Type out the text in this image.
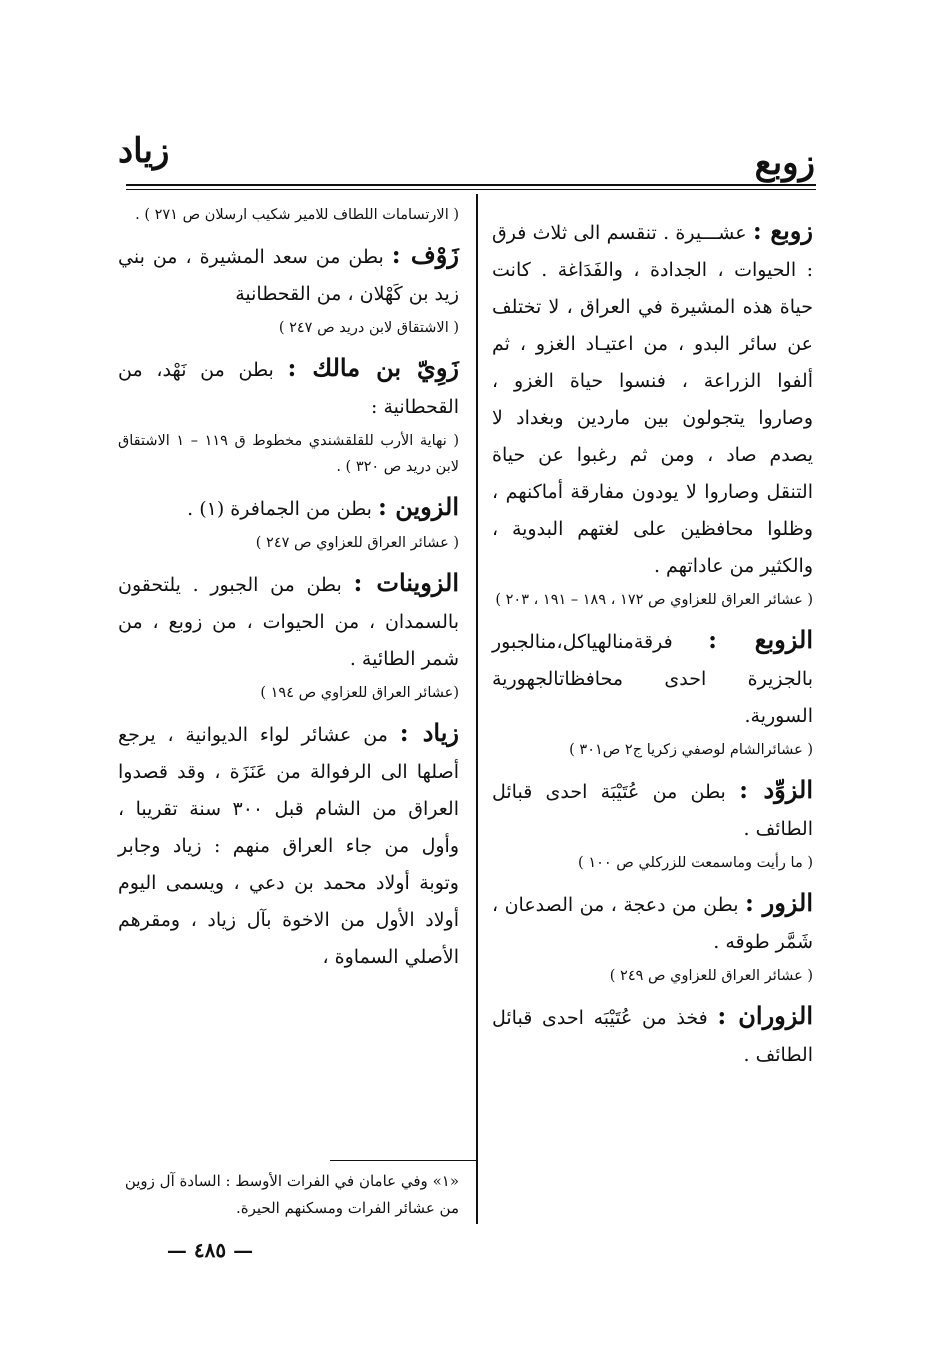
زوبع
زياد

زوبع : عشـــيرة . تنقسم الى ثلاث فرق : الحيوات ، الجدادة ، والفَدَاغة . كانت حياة هذه المشيرة في العراق ، لا تختلف عن سائر البدو ، من اعتيـاد الغزو ، ثم ألفوا الزراعة ، فنسوا حياة الغزو ، وصاروا يتجولون بين ماردين وبغداد لا يصدم صاد ، ومن ثم رغبوا عن حياة التنقل وصاروا لا يودون مفارقة أماكنهم ، وظلوا محافظين على لغتهم البدوية ، والكثير من عاداتهم .

( عشائر العراق للعزاوي ص ١٧٢ ، ١٨٩ – ١٩١ ، ٢٠٣ )

الزوبع : فرقةمنالهياكل،منالجبور بالجزيرة احدى محافظاتالجهورية السورية.

( عشائرالشام لوصفي زكريا ج٢ ص٣٠١ )

الزوِّد : بطن من عُتَيْبَة احدى قبائل الطائف .

( ما رأيت وماسمعت للزركلي ص ١٠٠ )

الزور : بطن من دعجة ، من الصدعان ، شَمَّر طوقه .

( عشائر العراق للعزاوي ص ٢٤٩ )

الزوران : فخذ من عُتَيْبَه احدى قبائل الطائف .

( الارتسامات اللطاف للامير شكيب ارسلان ص ٢٧١ ) .

زَوْف : بطن من سعد المشيرة ، من بني زيد بن كَهْلان ، من القحطانية

( الاشتقاق لابن دريد ص ٢٤٧ )

زَوِيّ بن مالك : بطن من نَهْد، من القحطانية :

( نهاية الأرب للقلقشندي مخطوط ق ١١٩ – ١ الاشتقاق لابن دريد ص ٣٢٠ ) .

الزوين : بطن من الجمافرة (١) .

( عشائر العراق للعزاوي ص ٢٤٧ )

الزوينات : بطن من الجبور . يلتحقون بالسمدان ، من الحيوات ، من زوبع ، من شمر الطائية .

(عشائر العراق للعزاوي ص ١٩٤ )

زياد : من عشائر لواء الديوانية ، يرجع أصلها الى الرفوالة من عَنَزَة ، وقد قصدوا العراق من الشام قبل ٣٠٠ سنة تقريبا ، وأول من جاء العراق منهم : زياد وجابر وتوبة أولاد محمد بن دعي ، ويسمى اليوم أولاد الأول من الاخوة بآل زياد ، ومقرهم الأصلي السماوة ،

«١» وفي عامان في الفرات الأوسط : السادة آل زوين من عشائر الفرات ومسكنهم الحيرة.
— ٤٨٥ —
